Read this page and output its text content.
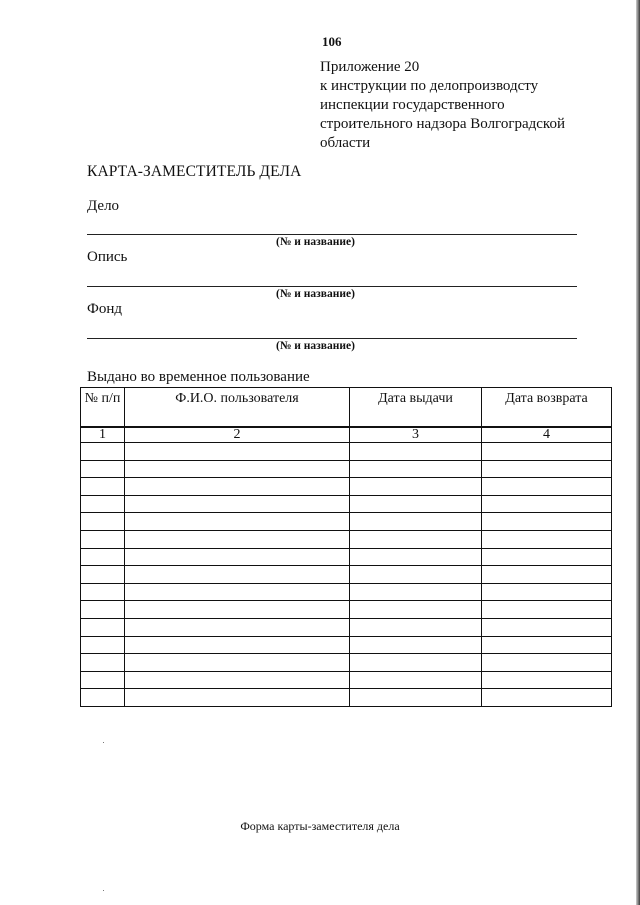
106
Приложение 20
к инструкции по делопроизводсту
инспекции государственного
строительного надзора Волгоградской
области
КАРТА-ЗАМЕСТИТЕЛЬ ДЕЛА
Дело
(№ и название)
Опись
(№ и название)
Фонд
(№ и название)
Выдано во временное пользование
№ п/п	Ф.И.О. пользователя	Дата выдачи	Дата возврата
1	2	3	4

Форма карты-заместителя дела
